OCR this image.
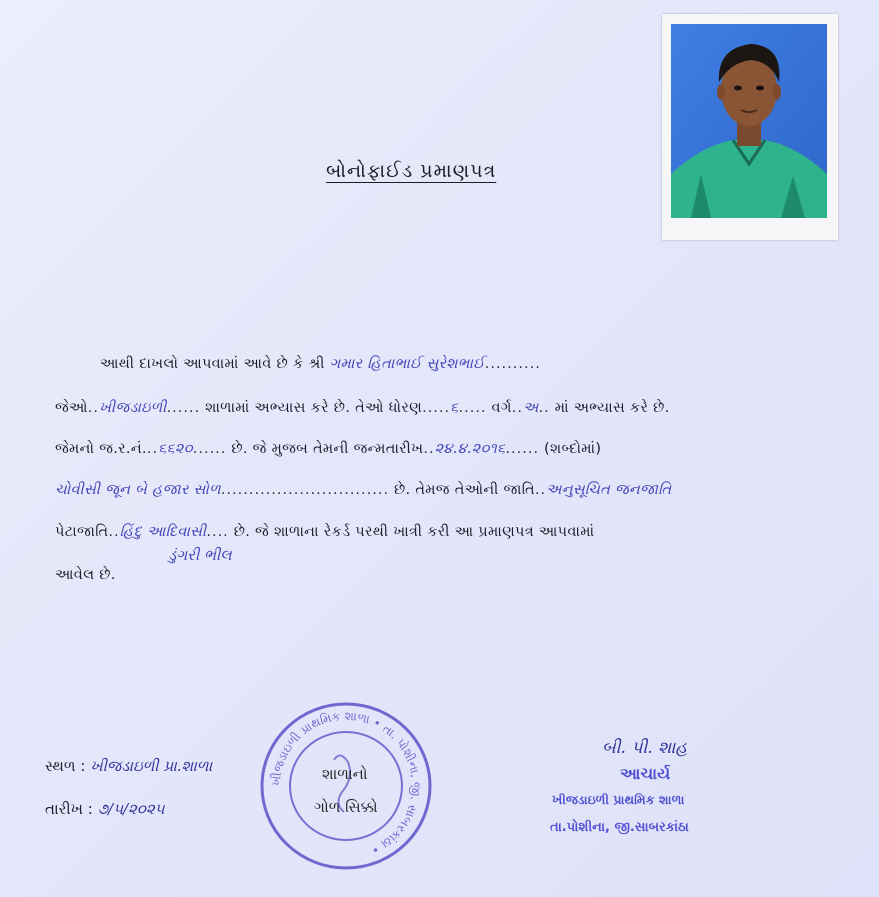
બોનોફાઈડ પ્રમાણપત્ર
આથી દાખલો આપવામાં આવે છે કે શ્રી ગમાર હિતાભાઈ સુરેશભાઈ..........
જેઓ..ખીજડાઇળી...... શાળામાં અભ્યાસ કરે છે. તેઓ ધોરણ.....૬..... વર્ગ..અ.. માં અભ્યાસ કરે છે.
જેમનો જ.ર.નં...૬૬૨૦...... છે. જે મુજબ તેમની જન્મતારીખ..૨૪.૪.૨૦૧૬...... (શબ્દોમાં)
ચોવીસી જૂન બે હજાર સોળ.............................. છે. તેમજ તેઓની જાતિ..અનુસૂચિત જનજાતિ
પેટાજાતિ..હિંદુ આદિવાસી.... છે. જે શાળાના રેકર્ડ પરથી ખાત્રી કરી આ પ્રમાણપત્ર આપવામાં
ડુંગરી ભીલ
આવેલ છે.
સ્થળ : ખીજડાઇળી પ્રા.શાળા
તારીખ : ૭/૫/૨૦૨૫
ખીજડાઇળી પ્રાથમિક શાળા • તા. પોશીના, જી. સાબરકાંઠા •
શાળાનો
ગોળ સિક્કો
બી. પી. શાહ
આચાર્ય
ખીજડાઇળી પ્રાથમિક શાળા
તા.પોશીના, જી.સાબરકાંઠા
